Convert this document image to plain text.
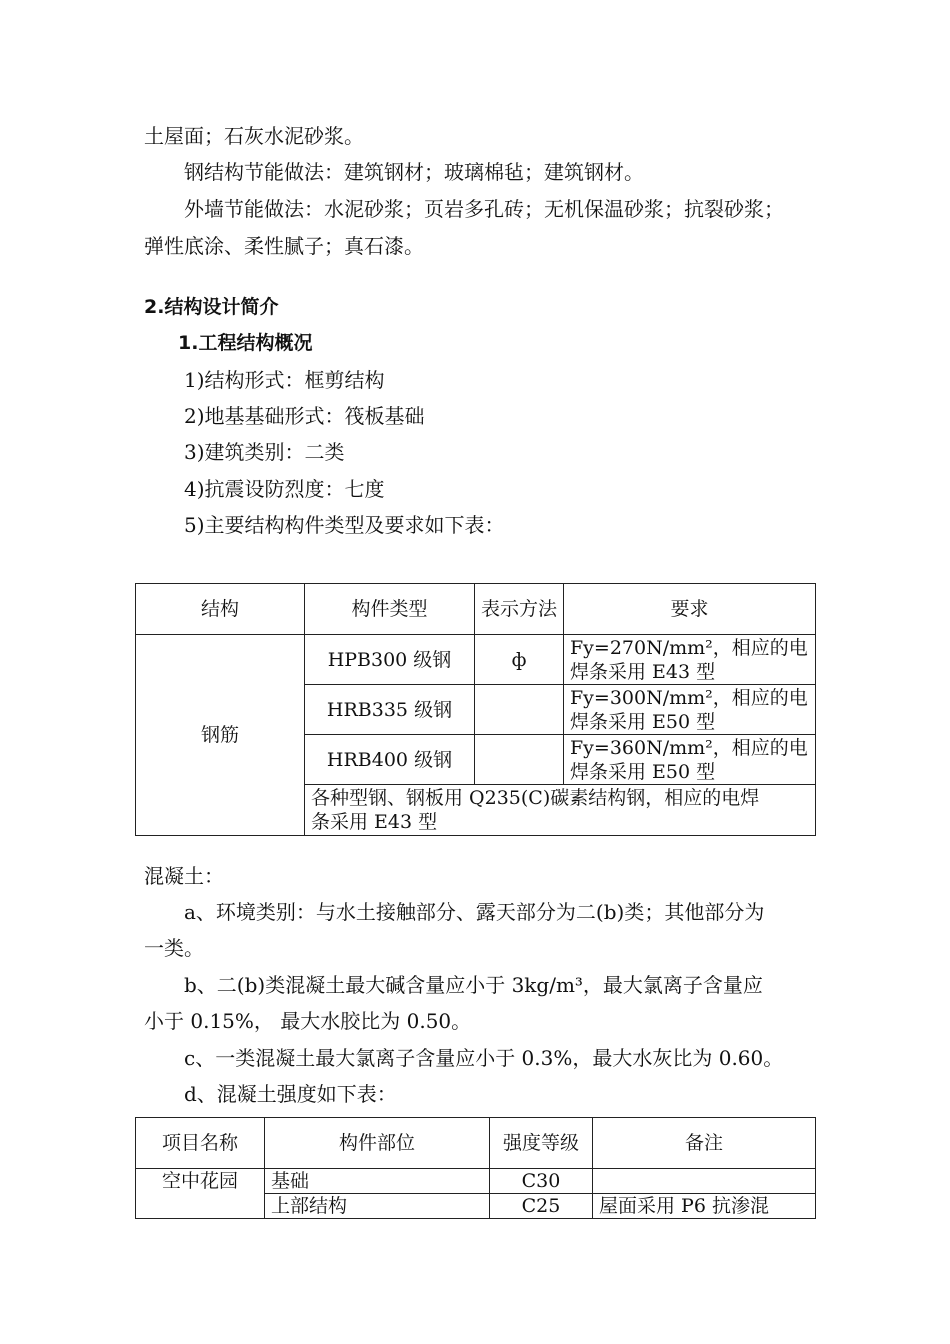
土屋面；石灰水泥砂浆。
钢结构节能做法：建筑钢材；玻璃棉毡；建筑钢材。
外墙节能做法：水泥砂浆；页岩多孔砖；无机保温砂浆；抗裂砂浆；
弹性底涂、柔性腻子；真石漆。
2.结构设计简介
1.工程结构概况
1)结构形式：框剪结构
2)地基基础形式：筏板基础
3)建筑类别：二类
4)抗震设防烈度：七度
5)主要结构构件类型及要求如下表：
结构	构件类型	表示方法	要求
钢筋	HPB300 级钢	ф	Fy=270N/mm²，相应的电
焊条采用 E43 型
	HRB335 级钢		Fy=300N/mm²，相应的电
焊条采用 E50 型
	HRB400 级钢		Fy=360N/mm²，相应的电
焊条采用 E50 型
	各种型钢、钢板用 Q235(C)碳素结构钢，相应的电焊
条采用 E43 型		
混凝土：
a、环境类别：与水土接触部分、露天部分为二(b)类；其他部分为
一类。
b、二(b)类混凝土最大碱含量应小于 3kg/m³，最大氯离子含量应
小于 0.15%， 最大水胶比为 0.50。
c、一类混凝土最大氯离子含量应小于 0.3%，最大水灰比为 0.60。
d、混凝土强度如下表：
项目名称	构件部位	强度等级	备注
空中花园	基础	C30	
	上部结构	C25	屋面采用 P6 抗渗混
